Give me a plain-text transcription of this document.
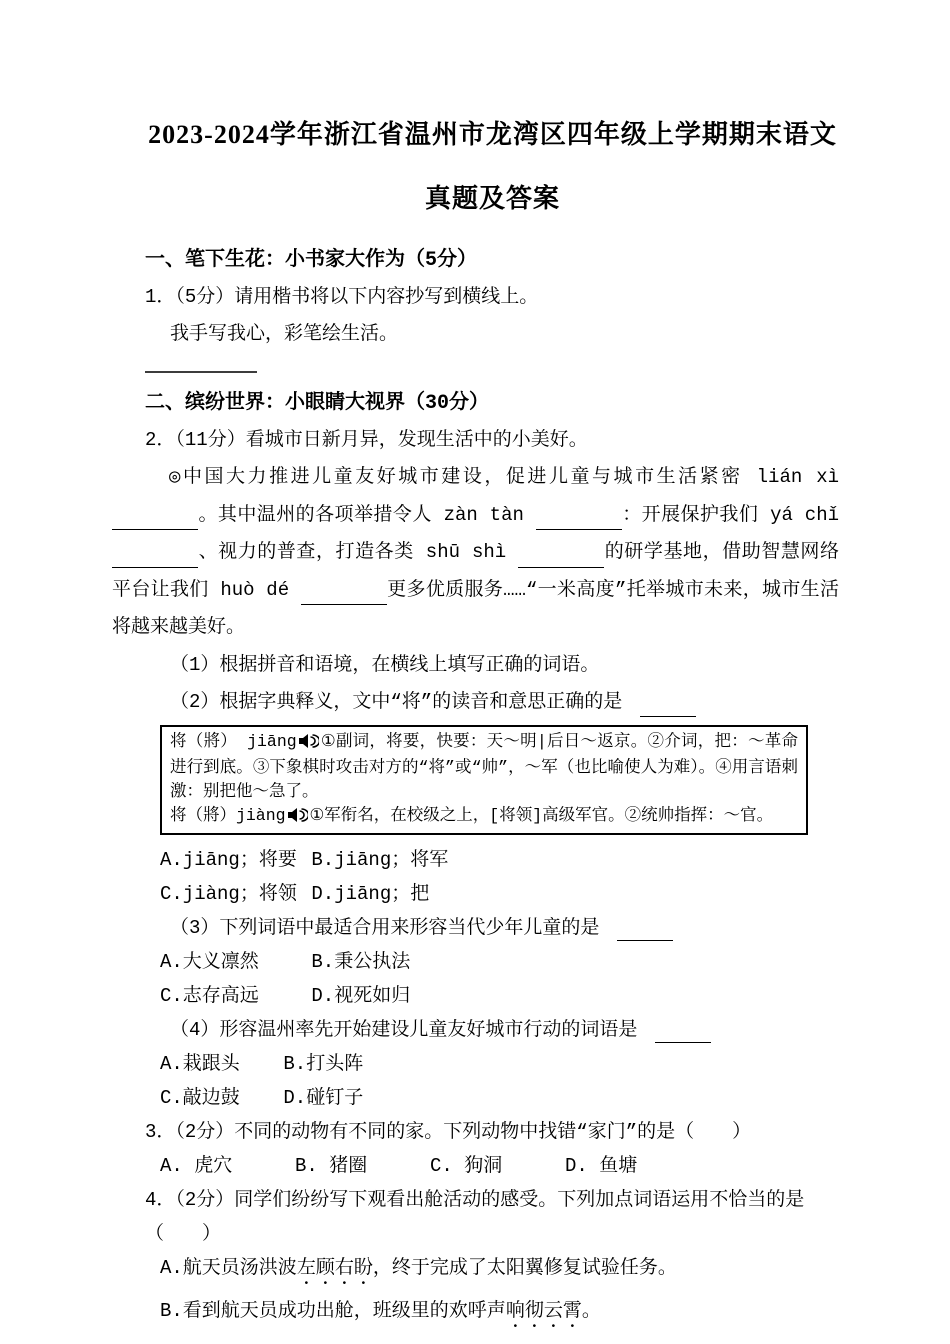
2023-2024学年浙江省温州市龙湾区四年级上学期期末语文
真题及答案
一、笔下生花：小书家大作为（5分）
1．（5分）请用楷书将以下内容抄写到横线上。
我手写我心，彩笔绘生活。
二、缤纷世界：小眼睛大视界（30分）
2．（11分）看城市日新月异，发现生活中的小美好。
◎中国大力推进儿童友好城市建设，促进儿童与城市生活紧密 lián xì 。其中温州的各项举措令人 zàn tàn	：开展保护我们 yá chǐ 、视力的普查，打造各类 shū shì	的研学基地，借助智慧网络平台让我们 huò dé	更多优质服务……“一米高度”托举城市未来，城市生活将越来越美好。
（1）根据拼音和语境，在横线上填写正确的词语。
（2）根据字典释义，文中“将”的读音和意思正确的是

将（將） jiāng ①副词，将要，快要：天～明|后日～返京。②介词，把：～革命进行到底。③下象棋时攻击对方的“将”或“帅”，～军（也比喻使人为难）。④用言语刺激：别把他～急了。

将（將）jiàng ①军衔名，在校级之上，[将领]高级军官。②统帅指挥：～官。

A.jiāng；将要 B.jiāng；将军
C.jiàng；将领 D.jiāng；把
（3）下列词语中最适合用来形容当代少年儿童的是
A.大义凛然	B.秉公执法
C.志存高远	D.视死如归
（4）形容温州率先开始建设儿童友好城市行动的词语是
A.栽跟头 B.打头阵
C.敲边鼓 D.碰钉子
3．（2分）不同的动物有不同的家。下列动物中找错“家门”的是（　　）
A. 虎穴	B. 猪圈	C. 狗洞	D. 鱼塘
4．（2分）同学们纷纷写下观看出舱活动的感受。下列加点词语运用不恰当的是（　　）
A.航天员汤洪波左顾右盼，终于完成了太阳翼修复试验任务。
B.看到航天员成功出舱，班级里的欢呼声响彻云霄。
